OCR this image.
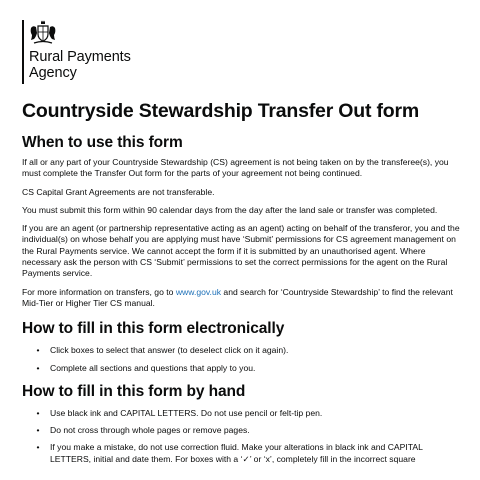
Rural Payments
Agency
Countryside Stewardship Transfer Out form
When to use this form

If all or any part of your Countryside Stewardship (CS) agreement is not being taken on by the transferee(s), you must complete the Transfer Out form for the parts of your agreement not being continued.

CS Capital Grant Agreements are not transferable.

You must submit this form within 90 calendar days from the day after the land sale or transfer was completed.

If you are an agent (or partnership representative acting as an agent) acting on behalf of the transferor, you and the individual(s) on whose behalf you are applying must have ‘Submit’ permissions for CS agreement management on the Rural Payments service. We cannot accept the form if it is submitted by an unauthorised agent. Where necessary ask the person with CS ‘Submit’ permissions to set the correct permissions for the agent on the Rural Payments service.

For more information on transfers, go to www.gov.uk and search for ‘Countryside Stewardship’ to find the relevant Mid-Tier or Higher Tier CS manual.

How to fill in this form electronically
• Click boxes to select that answer (to deselect click on it again).
• Complete all sections and questions that apply to you.
How to fill in this form by hand
• Use black ink and CAPITAL LETTERS. Do not use pencil or felt-tip pen.
• Do not cross through whole pages or remove pages.
• If you make a mistake, do not use correction fluid. Make your alterations in black ink and CAPITAL LETTERS, initial and date them. For boxes with a ‘✓’ or ‘x’, completely fill in the incorrect square
